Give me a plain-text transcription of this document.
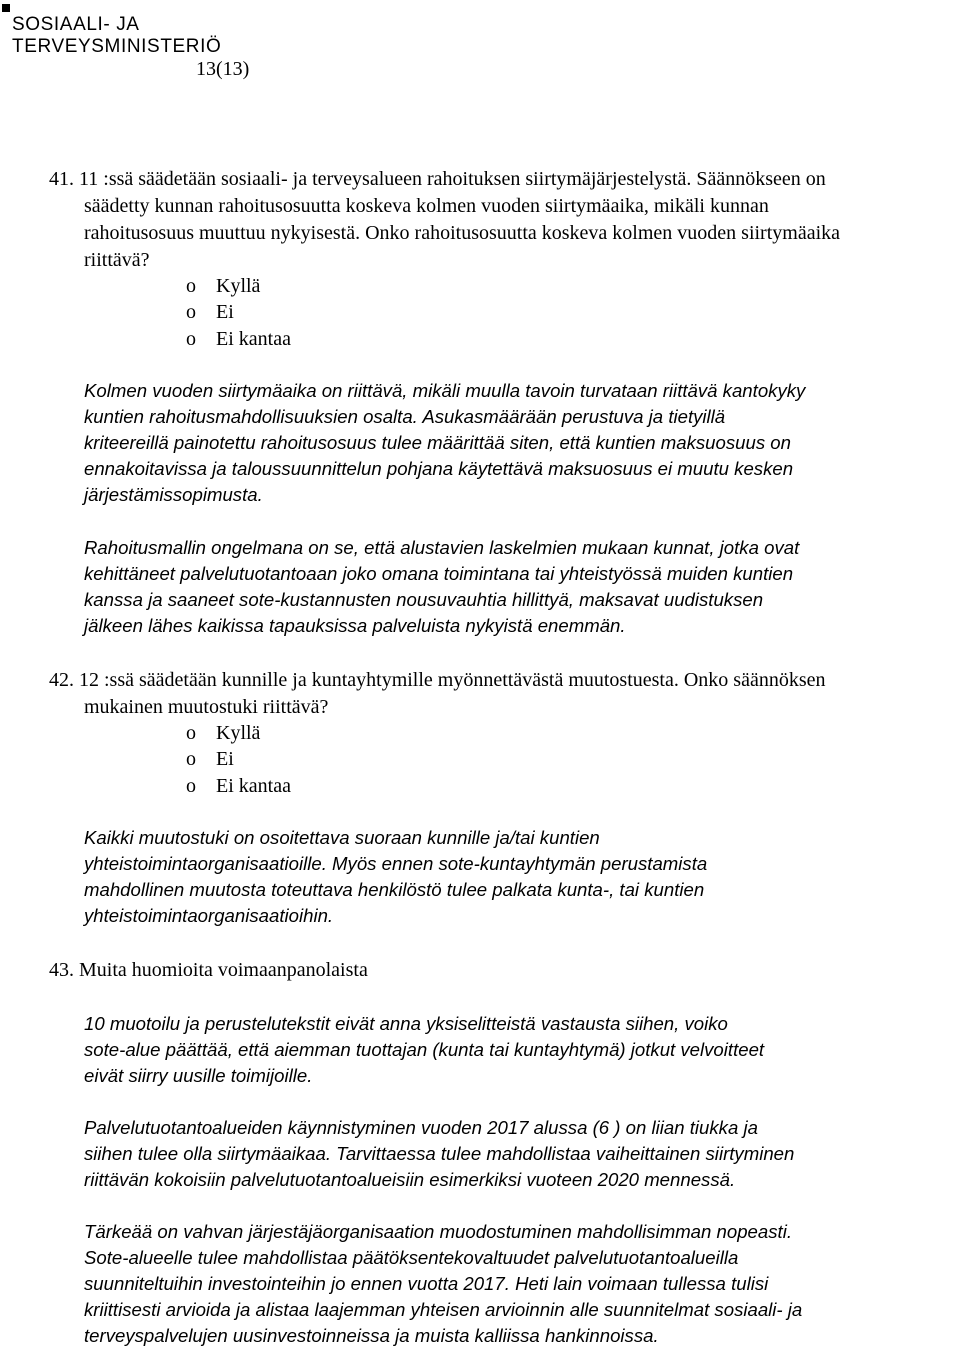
SOSIAALI- JA
TERVEYSMINISTERIÖ
13(13)
41. 11 :ssä säädetään sosiaali- ja terveysalueen rahoituksen siirtymäjärjestelystä. Säännökseen on
säädetty kunnan rahoitusosuutta koskeva kolmen vuoden siirtymäaika, mikäli kunnan
rahoitusosuus muuttuu nykyisestä. Onko rahoitusosuutta koskeva kolmen vuoden siirtymäaika
riittävä?
o Kyllä
o Ei
o Ei kantaa
Kolmen vuoden siirtymäaika on riittävä, mikäli muulla tavoin turvataan riittävä kantokyky
kuntien rahoitusmahdollisuuksien osalta. Asukasmäärään perustuva ja tietyillä
kriteereillä painotettu rahoitusosuus tulee määrittää siten, että kuntien maksuosuus on
ennakoitavissa ja taloussuunnittelun pohjana käytettävä maksuosuus ei muutu kesken
järjestämissopimusta.
Rahoitusmallin ongelmana on se, että alustavien laskelmien mukaan kunnat, jotka ovat
kehittäneet palvelutuotantoaan joko omana toimintana tai yhteistyössä muiden kuntien
kanssa ja saaneet sote-kustannusten nousuvauhtia hillittyä, maksavat uudistuksen
jälkeen lähes kaikissa tapauksissa palveluista nykyistä enemmän.
42. 12 :ssä säädetään kunnille ja kuntayhtymille myönnettävästä muutostuesta. Onko säännöksen
mukainen muutostuki riittävä?
o Kyllä
o Ei
o Ei kantaa
Kaikki muutostuki on osoitettava suoraan kunnille ja/tai kuntien
yhteistoimintaorganisaatioille. Myös ennen sote-kuntayhtymän perustamista
mahdollinen muutosta toteuttava henkilöstö tulee palkata kunta-, tai kuntien
yhteistoimintaorganisaatioihin.
43. Muita huomioita voimaanpanolaista
10 muotoilu ja perustelutekstit eivät anna yksiselitteistä vastausta siihen, voiko
sote-alue päättää, että aiemman tuottajan (kunta tai kuntayhtymä) jotkut velvoitteet
eivät siirry uusille toimijoille.
Palvelutuotantoalueiden käynnistyminen vuoden 2017 alussa (6 ) on liian tiukka ja
siihen tulee olla siirtymäaikaa. Tarvittaessa tulee mahdollistaa vaiheittainen siirtyminen
riittävän kokoisiin palvelutuotantoalueisiin esimerkiksi vuoteen 2020 mennessä.
Tärkeää on vahvan järjestäjäorganisaation muodostuminen mahdollisimman nopeasti.
Sote-alueelle tulee mahdollistaa päätöksentekovaltuudet palvelutuotantoalueilla
suunniteltuihin investointeihin jo ennen vuotta 2017. Heti lain voimaan tullessa tulisi
kriittisesti arvioida ja alistaa laajemman yhteisen arvioinnin alle suunnitelmat sosiaali- ja
terveyspalvelujen uusinvestoinneissa ja muista kalliissa hankinnoissa.
